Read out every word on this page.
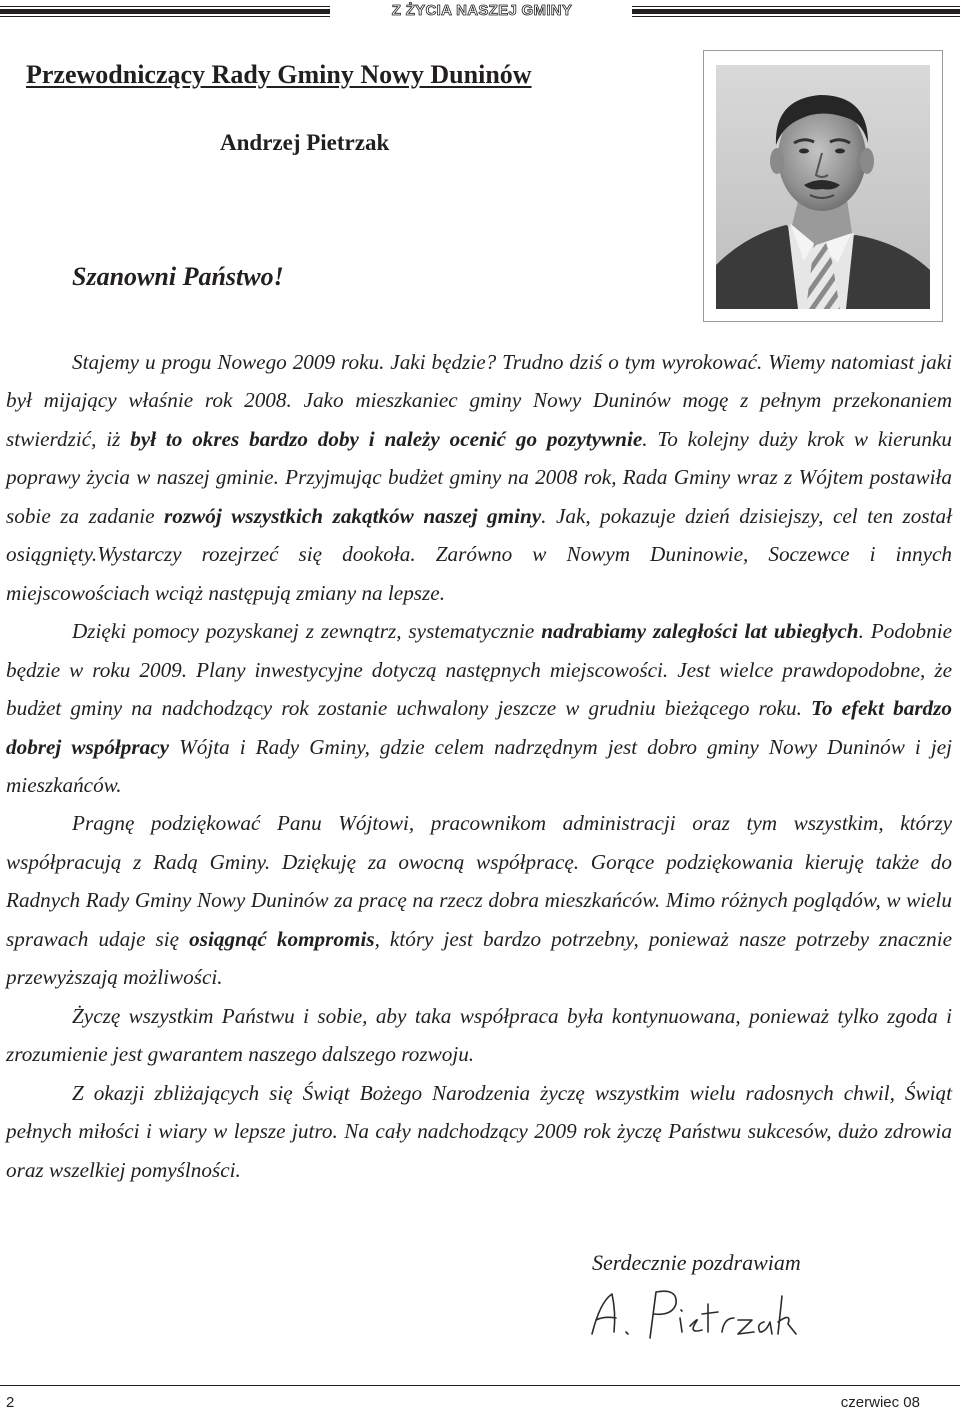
Z ŻYCIA NASZEJ GMINY
Przewodniczący Rady Gminy Nowy Duninów
Andrzej Pietrzak
Szanowni Państwo!

Stajemy u progu Nowego 2009 roku. Jaki będzie? Trudno dziś o tym wyrokować. Wiemy natomiast jaki był mijający właśnie rok 2008. Jako mieszkaniec gminy Nowy Duninów mogę z pełnym przekonaniem stwierdzić, iż był to okres bardzo doby i należy ocenić go pozytywnie. To kolejny duży krok w kierunku poprawy życia w naszej gminie. Przyjmując budżet gminy na 2008 rok, Rada Gminy wraz z Wójtem postawiła sobie za zadanie rozwój wszystkich zakątków naszej gminy. Jak, pokazuje dzień dzisiejszy, cel ten został osiągnięty.Wystarczy rozejrzeć się dookoła. Zarówno w Nowym Duninowie, Soczewce i innych miejscowościach wciąż następują zmiany na lepsze.

Dzięki pomocy pozyskanej z zewnątrz, systematycznie nadrabiamy zaległości lat ubiegłych. Podobnie będzie w roku 2009. Plany inwestycyjne dotyczą następnych miejscowości. Jest wielce prawdopodobne, że budżet gminy na nadchodzący rok zostanie uchwalony jeszcze w grudniu bieżącego roku. To efekt bardzo dobrej współpracy Wójta i Rady Gminy, gdzie celem nadrzędnym jest dobro gminy Nowy Duninów i jej mieszkańców.

Pragnę podziękować Panu Wójtowi, pracownikom administracji oraz tym wszystkim, którzy współpracują z Radą Gminy. Dziękuję za owocną współpracę. Gorące podziękowania kieruję także do Radnych Rady Gminy Nowy Duninów za pracę na rzecz dobra mieszkańców. Mimo różnych poglądów, w wielu sprawach udaje się osiągnąć kompromis, który jest bardzo potrzebny, ponieważ nasze potrzeby znacznie przewyższają możliwości.

Życzę wszystkim Państwu i sobie, aby taka współpraca była kontynuowana, ponieważ tylko zgoda i zrozumienie jest gwarantem naszego dalszego rozwoju.

Z okazji zbliżających się Świąt Bożego Narodzenia życzę wszystkim wielu radosnych chwil, Świąt pełnych miłości i wiary w lepsze jutro. Na cały nadchodzący 2009 rok życzę Państwu sukcesów, dużo zdrowia oraz wszelkiej pomyślności.

Serdecznie pozdrawiam
2	czerwiec 08
